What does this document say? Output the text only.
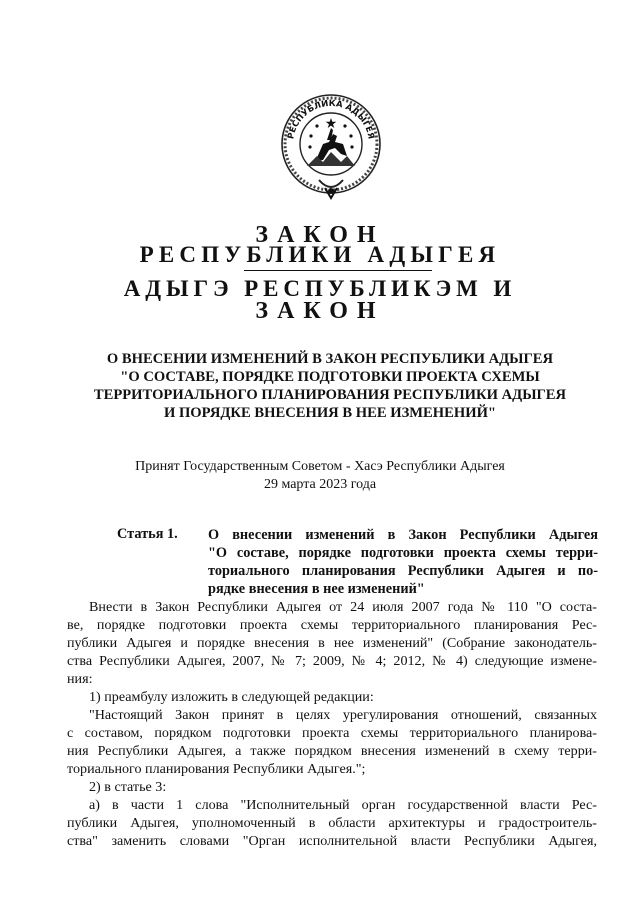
РЕСПУБЛИКА АДЫГЕЯ
ЗАКОН
РЕСПУБЛИКИ АДЫГЕЯ
АДЫГЭ РЕСПУБЛИКЭМ И
ЗАКОН
О ВНЕСЕНИИ ИЗМЕНЕНИЙ В ЗАКОН РЕСПУБЛИКИ АДЫГЕЯ
"О СОСТАВЕ, ПОРЯДКЕ ПОДГОТОВКИ ПРОЕКТА СХЕМЫ
ТЕРРИТОРИАЛЬНОГО ПЛАНИРОВАНИЯ РЕСПУБЛИКИ АДЫГЕЯ
И ПОРЯДКЕ ВНЕСЕНИЯ В НЕЕ ИЗМЕНЕНИЙ"
Принят Государственным Советом - Хасэ Республики Адыгея
29 марта 2023 года
Статья 1. О внесении изменений в Закон Республики Адыгея
"О составе, порядке подготовки проекта схемы терри-
ториального планирования Республики Адыгея и по-
рядке внесения в нее изменений"
Внести в Закон Республики Адыгея от 24 июля 2007 года № 110 "О соста-
ве, порядке подготовки проекта схемы территориального планирования Рес-
публики Адыгея и порядке внесения в нее изменений" (Собрание законодатель-
ства Республики Адыгея, 2007, № 7; 2009, № 4; 2012, № 4) следующие измене-
ния:
1) преамбулу изложить в следующей редакции:
"Настоящий Закон принят в целях урегулирования отношений, связанных
с составом, порядком подготовки проекта схемы территориального планирова-
ния Республики Адыгея, а также порядком внесения изменений в схему терри-
ториального планирования Республики Адыгея.";
2) в статье 3:
а) в части 1 слова "Исполнительный орган государственной власти Рес-
публики Адыгея, уполномоченный в области архитектуры и градостроитель-
ства" заменить словами "Орган исполнительной власти Республики Адыгея,
